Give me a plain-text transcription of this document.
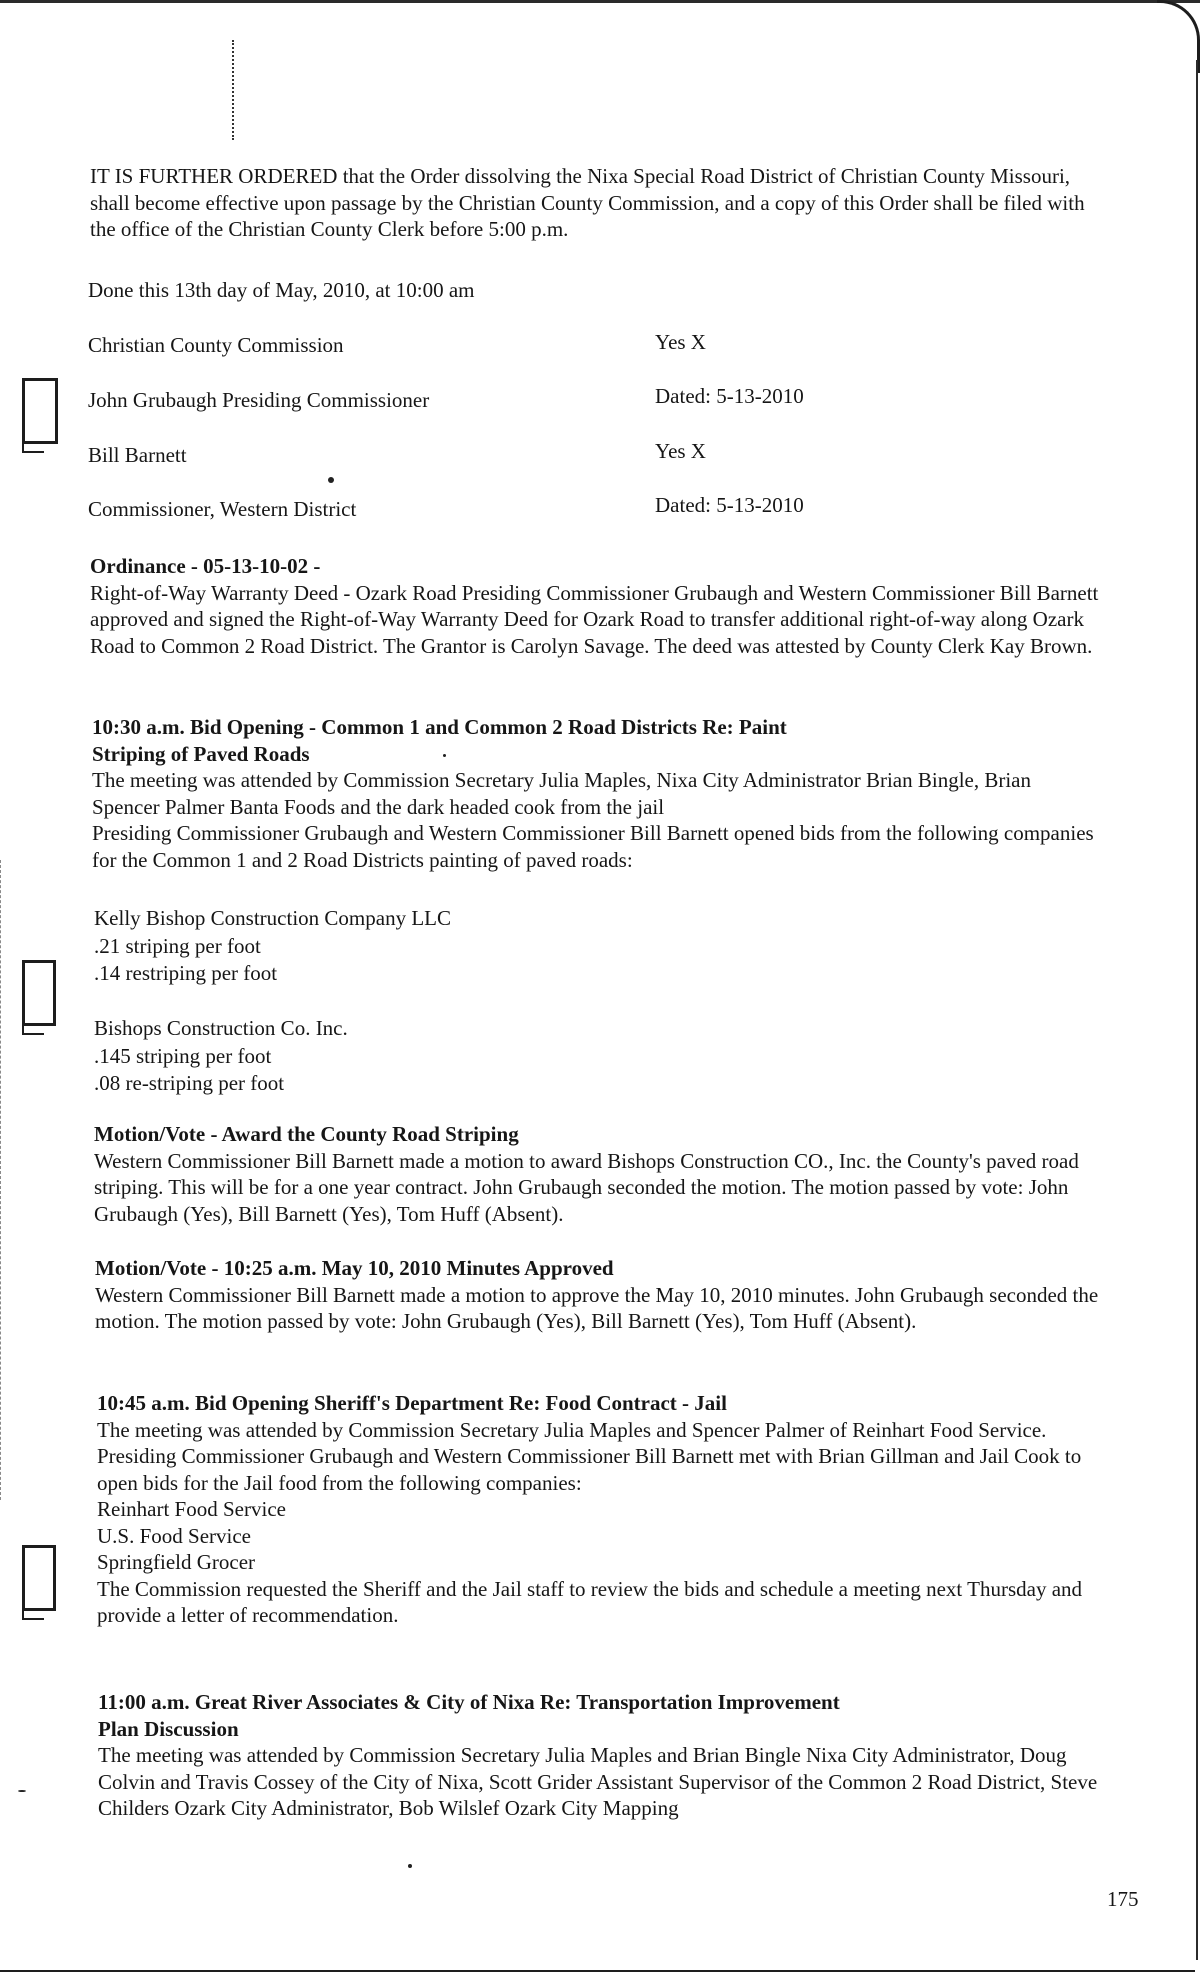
IT IS FURTHER ORDERED that the Order dissolving the Nixa Special Road District of Christian County Missouri, shall become effective upon passage by the Christian County Commission, and a copy of this Order shall be filed with the office of the Christian County Clerk before 5:00 p.m.

Done this 13th day of May, 2010, at 10:00 am
Christian County Commission	Yes X
John Grubaugh Presiding Commissioner	Dated: 5-13-2010
Bill Barnett	Yes X
Commissioner, Western District	Dated: 5-13-2010

Ordinance - 05-13-10-02 -

Right-of-Way Warranty Deed - Ozark Road Presiding Commissioner Grubaugh and Western Commissioner Bill Barnett approved and signed the Right-of-Way Warranty Deed for Ozark Road to transfer additional right-of-way along Ozark Road to Common 2 Road District. The Grantor is Carolyn Savage. The deed was attested by County Clerk Kay Brown.

10:30 a.m. Bid Opening - Common 1 and Common 2 Road Districts Re: Paint

Striping of Paved Roads

The meeting was attended by Commission Secretary Julia Maples, Nixa City Administrator Brian Bingle, Brian Spencer Palmer Banta Foods and the dark headed cook from the jail

Presiding Commissioner Grubaugh and Western Commissioner Bill Barnett opened bids from the following companies for the Common 1 and 2 Road Districts painting of paved roads:

Kelly Bishop Construction Company LLC

.21 striping per foot

.14 restriping per foot

Bishops Construction Co. Inc.

.145 striping per foot

.08 re-striping per foot

Motion/Vote - Award the County Road Striping

Western Commissioner Bill Barnett made a motion to award Bishops Construction CO., Inc. the County's paved road striping. This will be for a one year contract. John Grubaugh seconded the motion. The motion passed by vote: John Grubaugh (Yes), Bill Barnett (Yes), Tom Huff (Absent).

Motion/Vote - 10:25 a.m. May 10, 2010 Minutes Approved

Western Commissioner Bill Barnett made a motion to approve the May 10, 2010 minutes. John Grubaugh seconded the motion. The motion passed by vote: John Grubaugh (Yes), Bill Barnett (Yes), Tom Huff (Absent).

10:45 a.m. Bid Opening Sheriff's Department Re: Food Contract - Jail

The meeting was attended by Commission Secretary Julia Maples and Spencer Palmer of Reinhart Food Service.

Presiding Commissioner Grubaugh and Western Commissioner Bill Barnett met with Brian Gillman and Jail Cook to open bids for the Jail food from the following companies:

Reinhart Food Service

U.S. Food Service

Springfield Grocer

The Commission requested the Sheriff and the Jail staff to review the bids and schedule a meeting next Thursday and provide a letter of recommendation.

11:00 a.m. Great River Associates & City of Nixa Re: Transportation Improvement

Plan Discussion

The meeting was attended by Commission Secretary Julia Maples and Brian Bingle Nixa City Administrator, Doug Colvin and Travis Cossey of the City of Nixa, Scott Grider Assistant Supervisor of the Common 2 Road District, Steve Childers Ozark City Administrator, Bob Wilslef Ozark City Mapping

175
